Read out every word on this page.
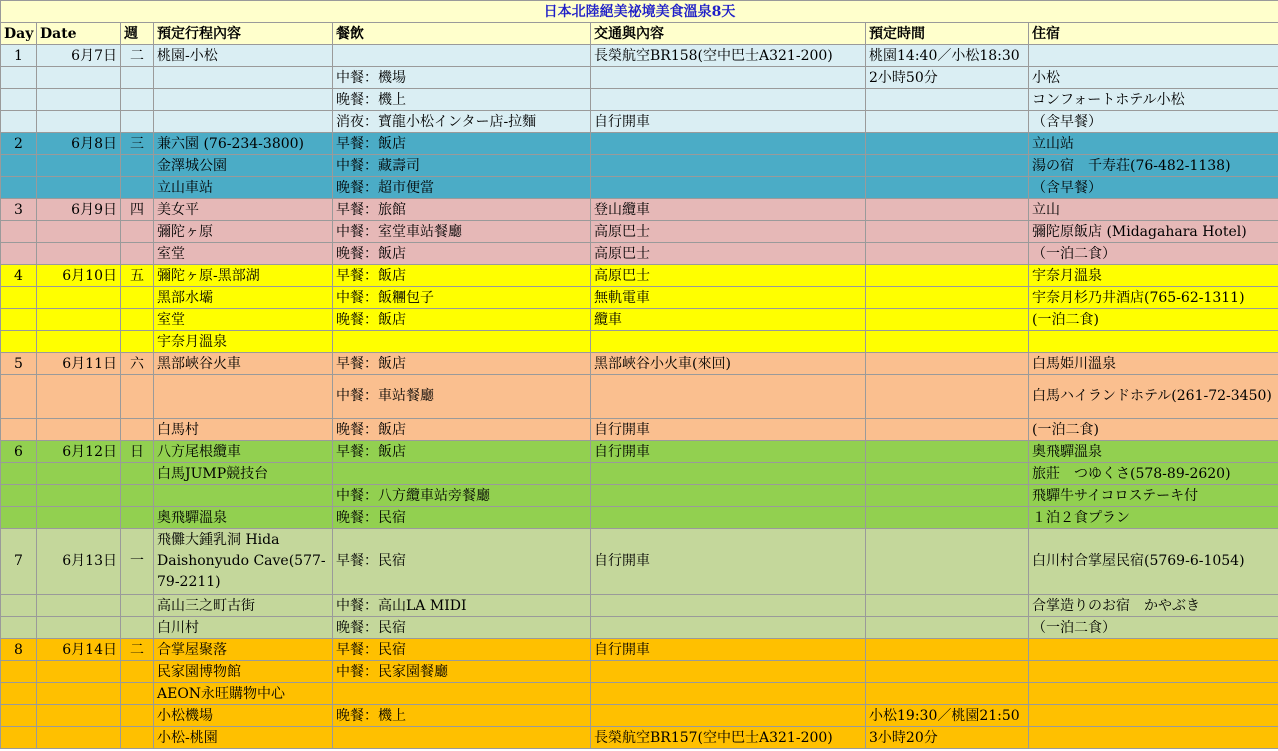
日本北陸絕美祕境美食溫泉8天							
Day	Date	週	預定行程內容	餐飲	交通與內容	預定時間	住宿
1	6月7日	二	桃園-小松		長榮航空BR158(空中巴士A321-200)	桃園14:40／小松18:30	
				中餐：機場		2小時50分	小松
				晚餐：機上			コンフォートホテル小松
				消夜：寶龍小松インター店-拉麵	自行開車		（含早餐）
2	6月8日	三	兼六園 (76-234-3800)	早餐：飯店			立山站
			金澤城公園	中餐：藏壽司			湯の宿　千寿荘(76-482-1138)
			立山車站	晚餐：超市便當			（含早餐）
3	6月9日	四	美女平	早餐：旅館	登山纜車		立山
			彌陀ヶ原	中餐：室堂車站餐廳	高原巴士		彌陀原飯店 (Midagahara Hotel)
			室堂	晚餐：飯店	高原巴士		（一泊二食）
4	6月10日	五	彌陀ヶ原-黑部湖	早餐：飯店	高原巴士		宇奈月溫泉
			黑部水壩	中餐：飯糰包子	無軌電車		宇奈月杉乃井酒店(765-62-1311)
			室堂	晚餐：飯店	纜車		(一泊二食)
			宇奈月溫泉				
5	6月11日	六	黑部峽谷火車	早餐：飯店	黑部峽谷小火車(來回)		白馬姫川溫泉
				中餐：車站餐廳			白馬ハイランドホテル(261-72-3450)
			白馬村	晚餐：飯店	自行開車		(一泊二食)
6	6月12日	日	八方尾根纜車	早餐：飯店	自行開車		奧飛驒溫泉
			白馬JUMP競技台				旅莊　つゆくさ(578-89-2620)
				中餐：八方纜車站旁餐廳			飛驒牛サイコロステーキ付
			奧飛驒溫泉	晚餐：民宿			１泊２食プラン
7	6月13日	一	飛儺大鍾乳洞 Hida Daishonyudo Cave(577-79-2211)	早餐：民宿	自行開車		白川村合掌屋民宿(5769-6-1054)
			高山三之町古街	中餐：高山LA MIDI			合掌造りのお宿　かやぶき
			白川村	晚餐：民宿			（一泊二食）
8	6月14日	二	合掌屋聚落	早餐：民宿	自行開車		
			民家園博物館	中餐：民家園餐廳			
			AEON永旺購物中心				
			小松機場	晚餐：機上		小松19:30／桃園21:50	
			小松-桃園		長榮航空BR157(空中巴士A321-200)	3小時20分	
